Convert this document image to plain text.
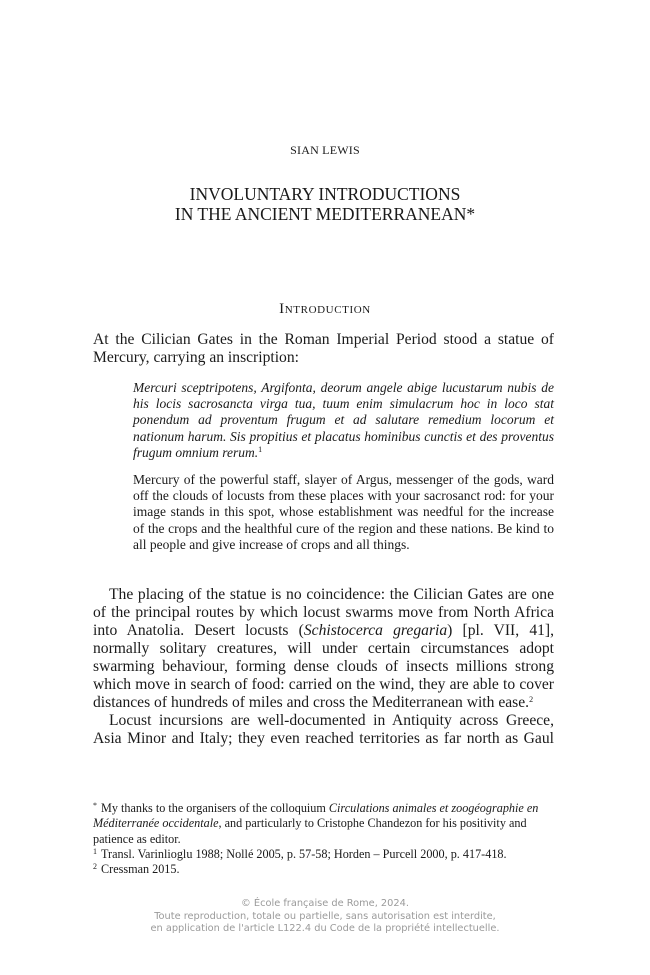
SIAN LEWIS
INVOLUNTARY INTRODUCTIONS
IN THE ANCIENT MEDITERRANEAN*
Introduction
At the Cilician Gates in the Roman Imperial Period stood a statue of Mercury, carrying an inscription:
Mercuri sceptripotens, Argifonta, deorum angele abige lucustarum nubis de his locis sacrosancta virga tua, tuum enim simulacrum hoc in loco stat ponendum ad proventum frugum et ad salutare remedium locorum et nationum harum. Sis propitius et placatus hominibus cunctis et des proventus frugum omnium rerum.$^1$
Mercury of the powerful staff, slayer of Argus, messenger of the gods, ward off the clouds of locusts from these places with your sacrosanct rod: for your image stands in this spot, whose establishment was needful for the increase of the crops and the healthful cure of the region and these nations. Be kind to all people and give increase of crops and all things.

The placing of the statue is no coincidence: the Cilician Gates are one of the principal routes by which locust swarms move from North Africa into Anatolia. Desert locusts (Schistocerca gregaria) [pl. VII, 41], normally solitary creatures, will under certain circumstances adopt swarming behaviour, forming dense clouds of insects millions strong which move in search of food: carried on the wind, they are able to cover distances of hundreds of miles and cross the Mediterranean with ease.$^2$

Locust incursions are well-documented in Antiquity across Greece, Asia Minor and Italy; they even reached territories as far north as Gaul

* My thanks to the organisers of the colloquium Circulations animales et zoogéographie en Méditerranée occidentale, and particularly to Cristophe Chandezon for his positivity and patience as editor.

$^1$ Transl. Varinlioglu 1988; Nollé 2005, p. 57-58; Horden – Purcell 2000, p. 417-418.

$^2$ Cressman 2015.

© École française de Rome, 2024.
Toute reproduction, totale ou partielle, sans autorisation est interdite,
en application de l'article L122.4 du Code de la propriété intellectuelle.
